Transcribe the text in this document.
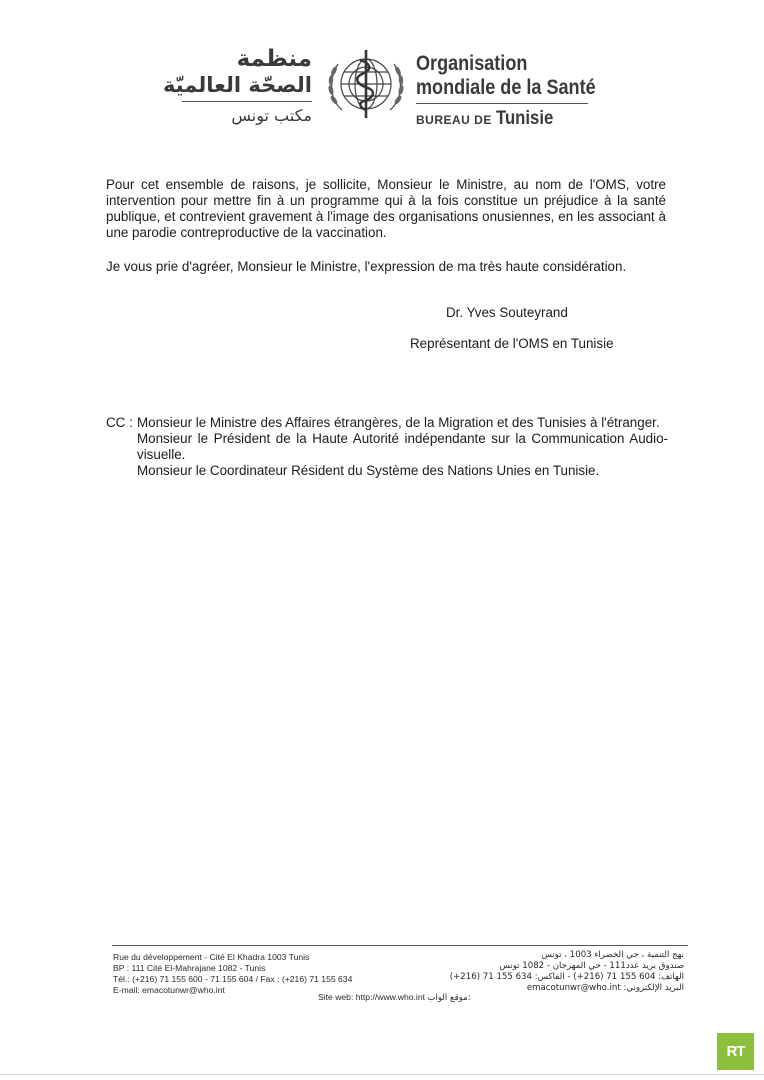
منظمة
الصحّة العالميّة
مكتب تونس
Organisation
mondiale de la Santé
BUREAU DE Tunisie
Pour cet ensemble de raisons, je sollicite, Monsieur le Ministre, au nom de l'OMS, votre intervention pour mettre fin à un programme qui à la fois constitue un préjudice à la santé publique, et contrevient gravement à l'image des organisations onusiennes, en les associant à une parodie contreproductive de la vaccination.
Je vous prie d'agréer, Monsieur le Ministre, l'expression de ma très haute considération.
Dr. Yves Souteyrand
Représentant de l'OMS en Tunisie
CC : Monsieur le Ministre des Affaires étrangères, de la Migration et des Tunisies à l'étranger.
Monsieur le Président de la Haute Autorité indépendante sur la Communication Audio-visuelle.
Monsieur le Coordinateur Résident du Système des Nations Unies en Tunisie.
Rue du développement - Cité El Khadra 1003 Tunis
BP : 111 Cité El-Mahrajane 1082 - Tunis
Tél.: (+216) 71 155 600 - 71 155 604 / Fax : (+216) 71 155 634
E-mail: emacotunwr@who.int
نهج التنمية ، حي الخضراء 1003 ، تونس
صندوق بريد عدد111 - حي المهرجان - 1082 تونس
الهاتف: 604 155 71 (216+) - الفاكس: 634 155 71 (216+)
البريد الإلكتروني: emacotunwr@who.int
Site web: http://www.who.int موقع الواب:
RT
